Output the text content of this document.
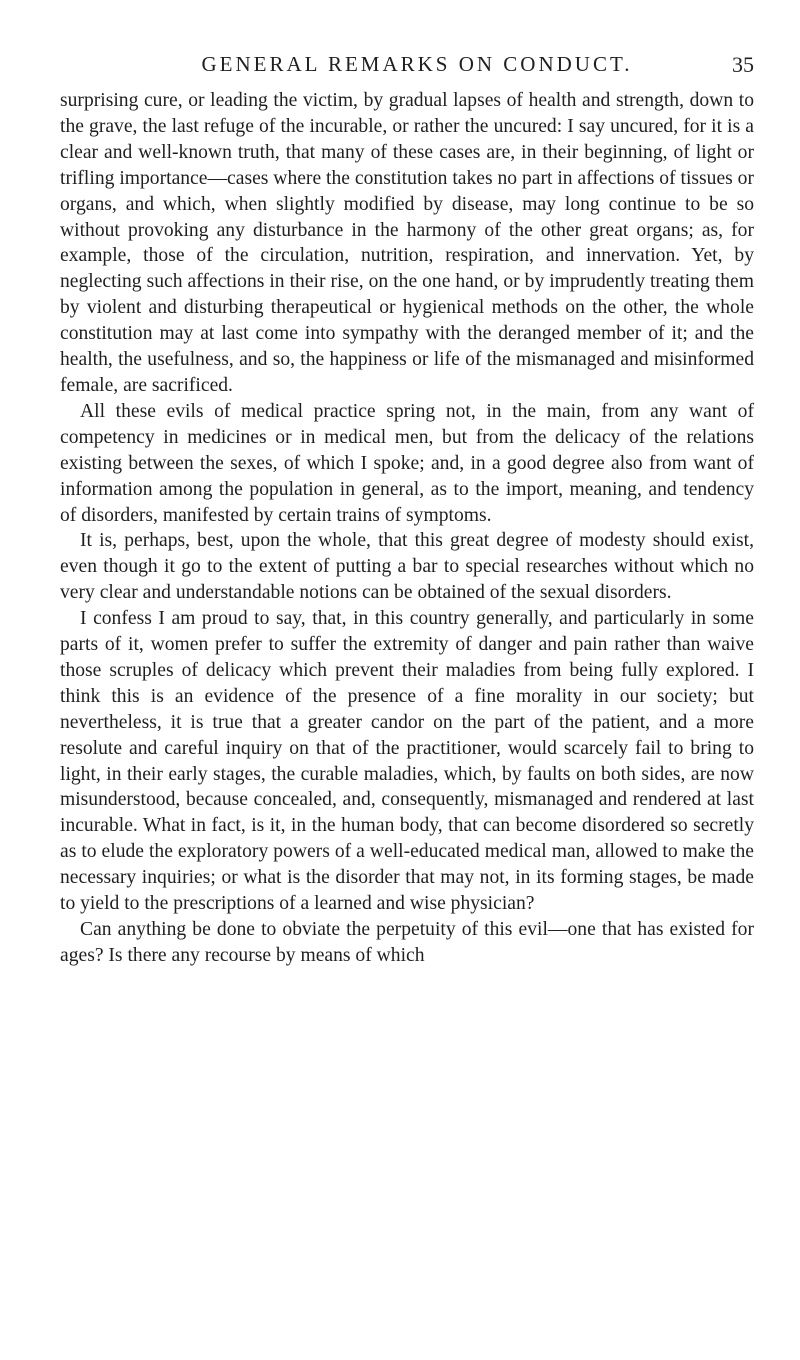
GENERAL REMARKS ON CONDUCT.	35

surprising cure, or leading the victim, by gradual lapses of health and strength, down to the grave, the last refuge of the incurable, or rather the uncured: I say uncured, for it is a clear and well-known truth, that many of these cases are, in their beginning, of light or trifling importance—cases where the constitution takes no part in affections of tissues or organs, and which, when slightly modified by disease, may long continue to be so without provoking any disturbance in the harmony of the other great organs; as, for example, those of the circulation, nutrition, respiration, and innervation. Yet, by neglecting such affections in their rise, on the one hand, or by imprudently treating them by violent and disturbing therapeutical or hygienical methods on the other, the whole constitution may at last come into sympathy with the deranged member of it; and the health, the usefulness, and so, the happiness or life of the mismanaged and misinformed female, are sacrificed.

All these evils of medical practice spring not, in the main, from any want of competency in medicines or in medical men, but from the delicacy of the relations existing between the sexes, of which I spoke; and, in a good degree also from want of information among the population in general, as to the import, meaning, and tendency of disorders, manifested by certain trains of symptoms.

It is, perhaps, best, upon the whole, that this great degree of modesty should exist, even though it go to the extent of putting a bar to special researches without which no very clear and understandable notions can be obtained of the sexual disorders.

I confess I am proud to say, that, in this country generally, and particularly in some parts of it, women prefer to suffer the extremity of danger and pain rather than waive those scruples of delicacy which prevent their maladies from being fully explored. I think this is an evidence of the presence of a fine morality in our society; but nevertheless, it is true that a greater candor on the part of the patient, and a more resolute and careful inquiry on that of the practitioner, would scarcely fail to bring to light, in their early stages, the curable maladies, which, by faults on both sides, are now misunderstood, because concealed, and, consequently, mismanaged and rendered at last incurable. What in fact, is it, in the human body, that can become disordered so secretly as to elude the exploratory powers of a well-educated medical man, allowed to make the necessary inquiries; or what is the disorder that may not, in its forming stages, be made to yield to the prescriptions of a learned and wise physician?

Can anything be done to obviate the perpetuity of this evil—one that has existed for ages? Is there any recourse by means of which
